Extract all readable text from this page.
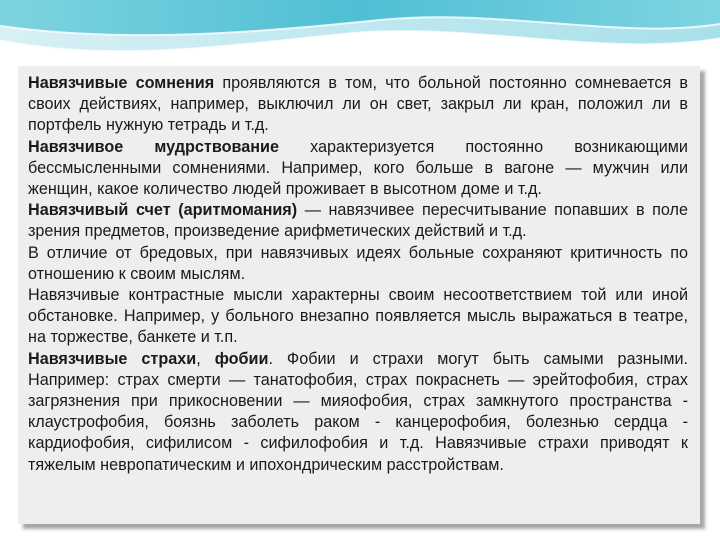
Навязчивые сомнения проявляются в том, что больной постоянно сомневается в своих действиях, например, выключил ли он свет, закрыл ли кран, положил ли в портфель нужную тетрадь и т.д.

Навязчивое мудрствование характеризуется постоянно возникающими бессмысленными сомнениями. Например, кого больше в вагоне — мужчин или женщин, какое количество людей проживает в высотном доме и т.д.

Навязчивый счет (аритмомания) — навязчивее пересчитывание попавших в поле зрения предметов, произведение арифметических действий и т.д.

В отличие от бредовых, при навязчивых идеях больные сохраняют критичность по отношению к своим мыслям.

Навязчивые контрастные мысли характерны своим несоответствием той или иной обстановке. Например, у больного внезапно появляется мысль выражаться в театре, на торжестве, банкете и т.п.

Навязчивые страхи, фобии. Фобии и страхи могут быть самыми разными. Например: страх смерти — танатофобия, страх покраснеть — эрейтофобия, страх загрязнения при прикосновении — мияофобия, страх замкнутого пространства - клаустрофобия, боязнь заболеть раком - канцерофобия, болезнью сердца - кардиофобия, сифилисом - сифилофобия и т.д. Навязчивые страхи приводят к тяжелым невропатическим и ипохондрическим расстройствам.
